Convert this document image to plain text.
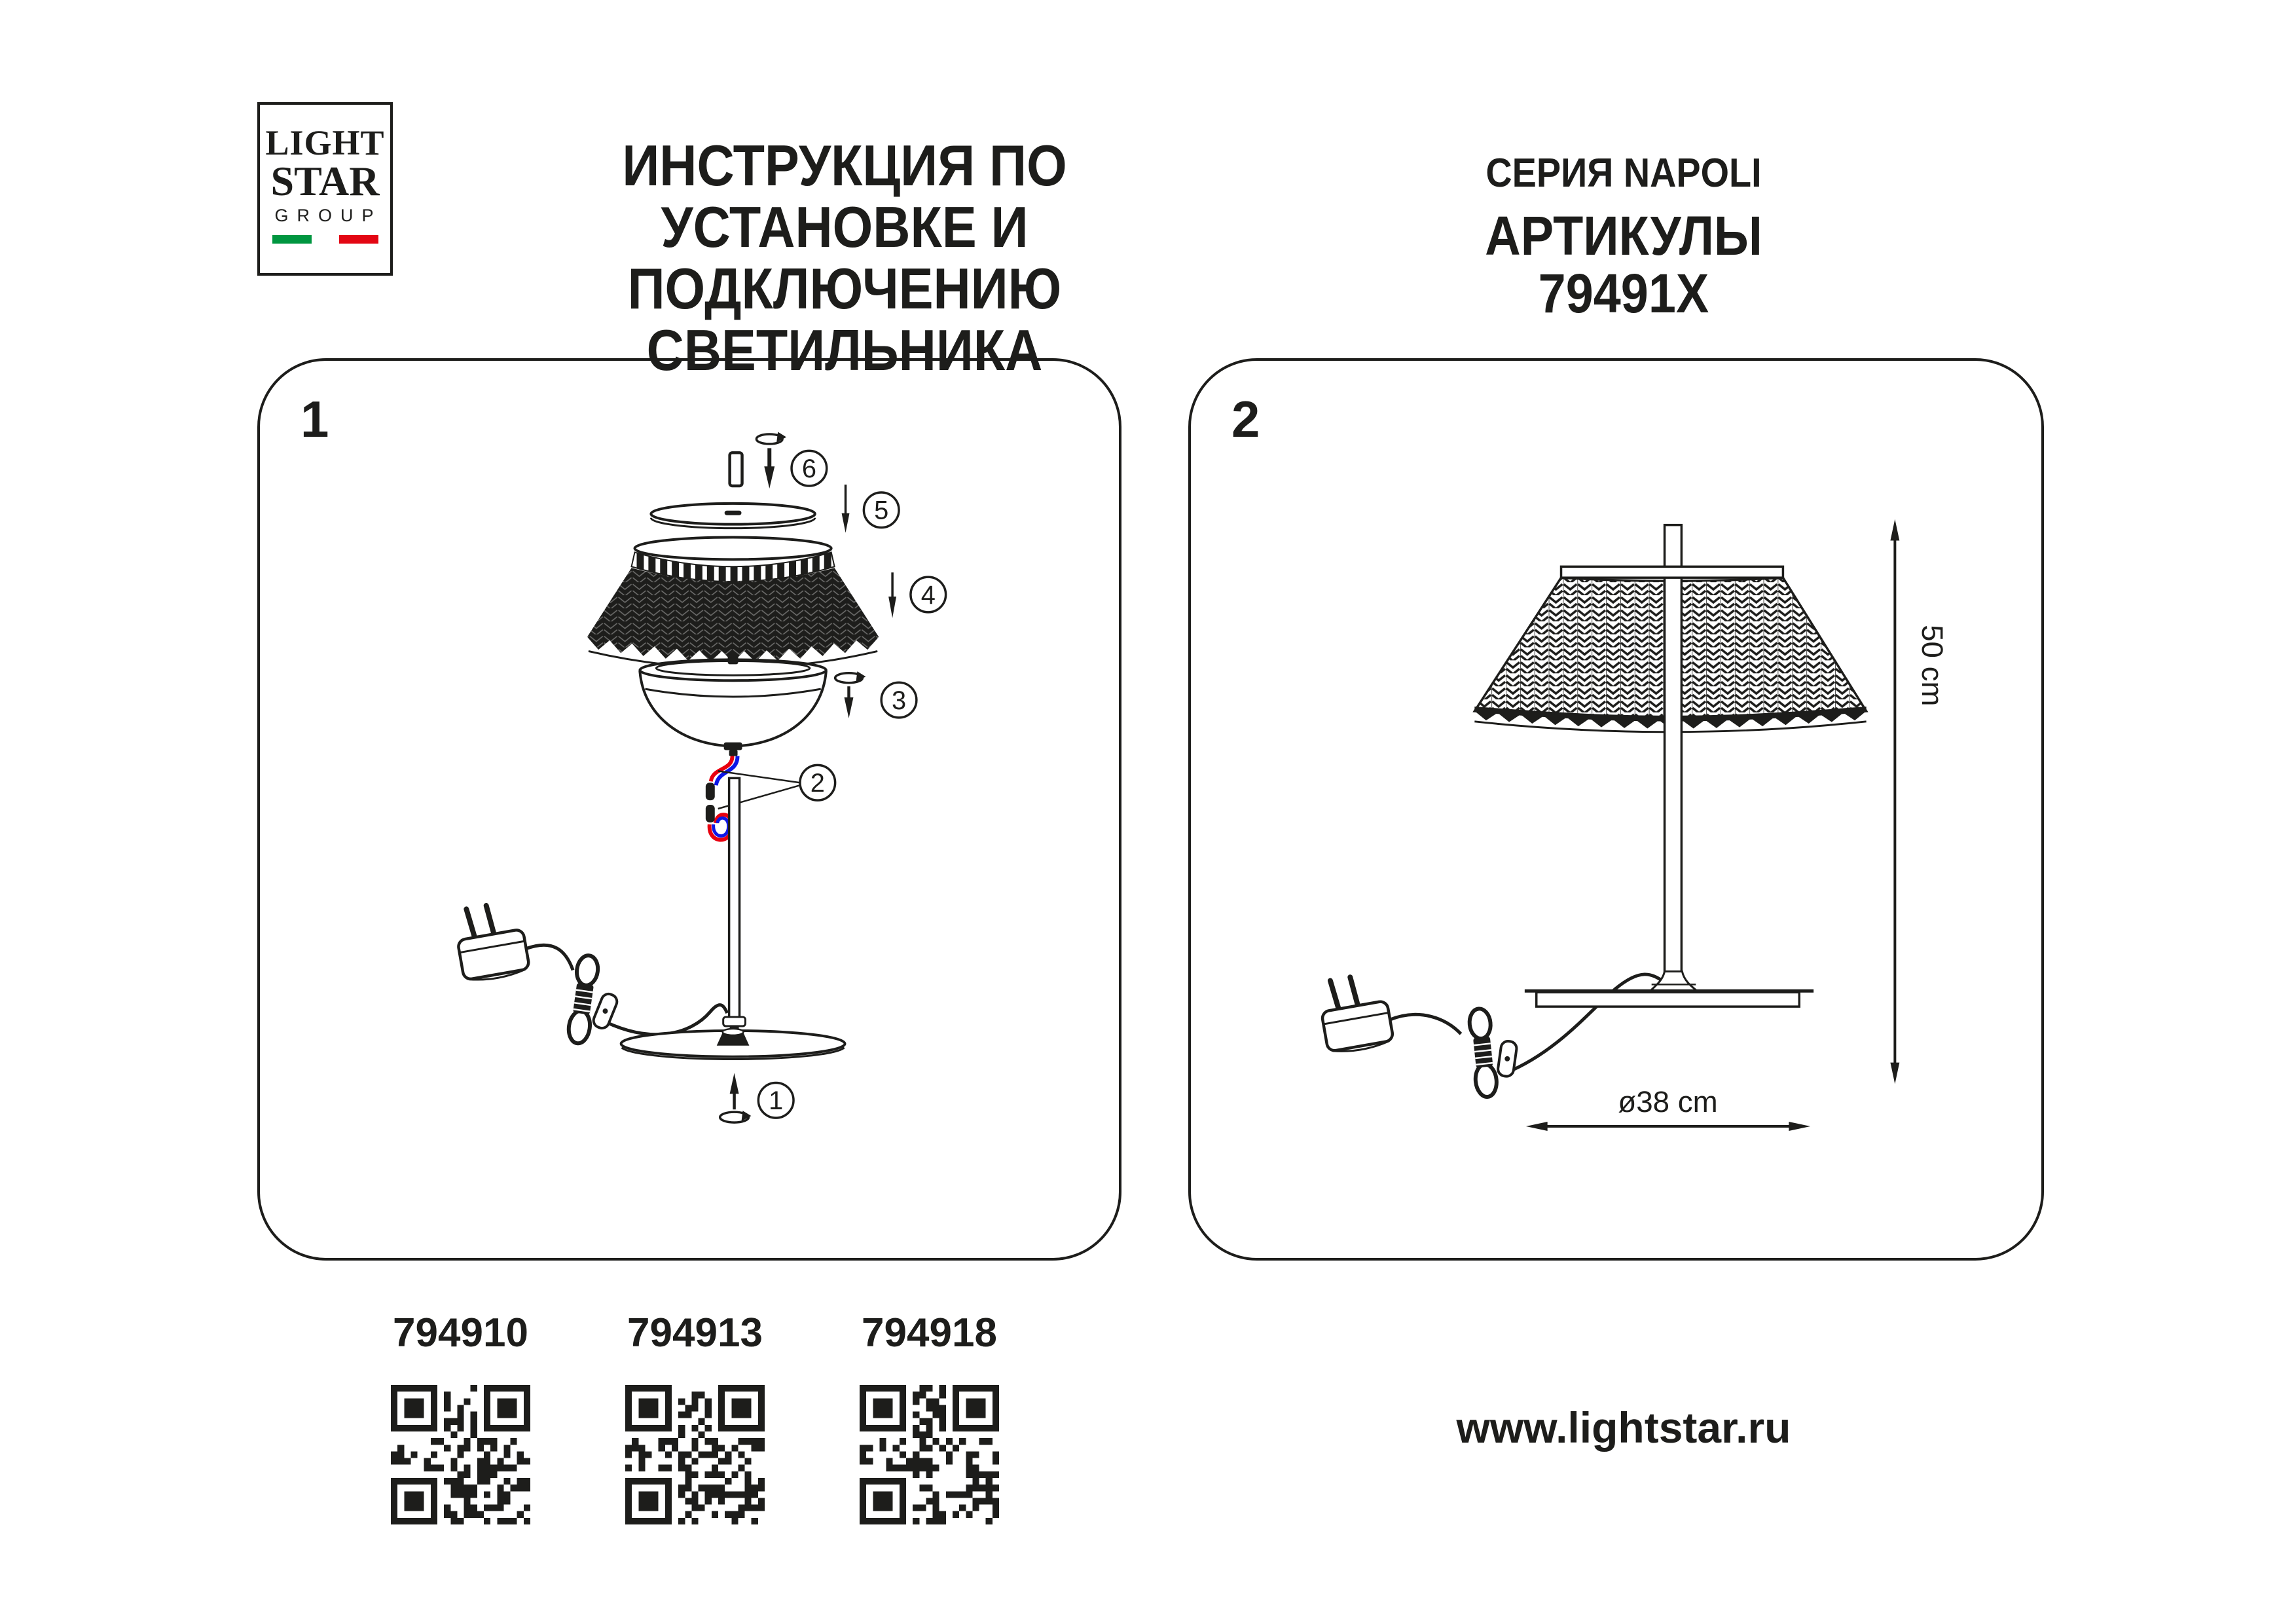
LIGHT
STAR
GROUP
ИНСТРУКЦИЯ ПО УСТАНОВКЕ И
ПОДКЛЮЧЕНИЮ СВЕТИЛЬНИКА
СЕРИЯ NAPOLI
АРТИКУЛЫ 79491X
1
6
5
4
3
2
1
2
50 cm
ø38 cm
794910 794913 794918
www.lightstar.ru
